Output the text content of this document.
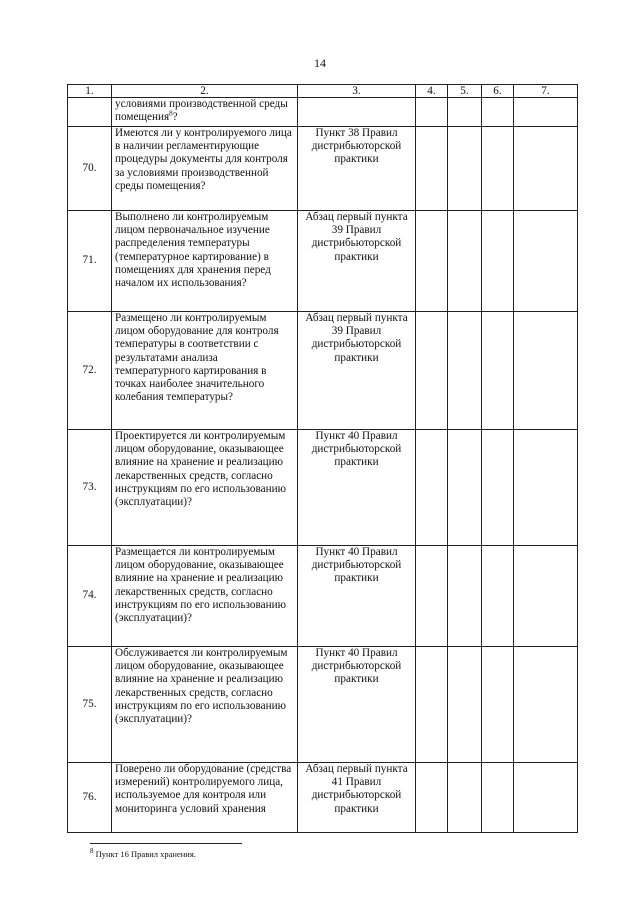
14
1.	2.	3.	4.	5.	6.	7.
	условиями производственной среды помещения$^8$?					
70.	Имеются ли у контролируемого лица в наличии регламентирующие процедуры документы для контроля за условиями производственной среды помещения?	Пункт 38 Правил дистрибьюторской практики				
71.	Выполнено ли контролируемым лицом первоначальное изучение распределения температуры (температурное картирование) в помещениях для хранения перед началом их использования?	Абзац первый пункта 39 Правил дистрибьюторской практики				
72.	Размещено ли контролируемым лицом оборудование для контроля температуры в соответствии с результатами анализа температурного картирования в точках наиболее значительного колебания температуры?	Абзац первый пункта 39 Правил дистрибьюторской практики				
73.	Проектируется ли контролируемым лицом оборудование, оказывающее влияние на хранение и реализацию лекарственных средств, согласно инструкциям по его использованию (эксплуатации)?	Пункт 40 Правил дистрибьюторской практики				
74.	Размещается ли контролируемым лицом оборудование, оказывающее влияние на хранение и реализацию лекарственных средств, согласно инструкциям по его использованию (эксплуатации)?	Пункт 40 Правил дистрибьюторской практики				
75.	Обслуживается ли контролируемым лицом оборудование, оказывающее влияние на хранение и реализацию лекарственных средств, согласно инструкциям по его использованию (эксплуатации)?	Пункт 40 Правил дистрибьюторской практики				
76.	Поверено ли оборудование (средства измерений) контролируемого лица, используемое для контроля или мониторинга условий хранения	Абзац первый пункта 41 Правил дистрибьюторской практики				
$^8$ Пункт 16 Правил хранения.
